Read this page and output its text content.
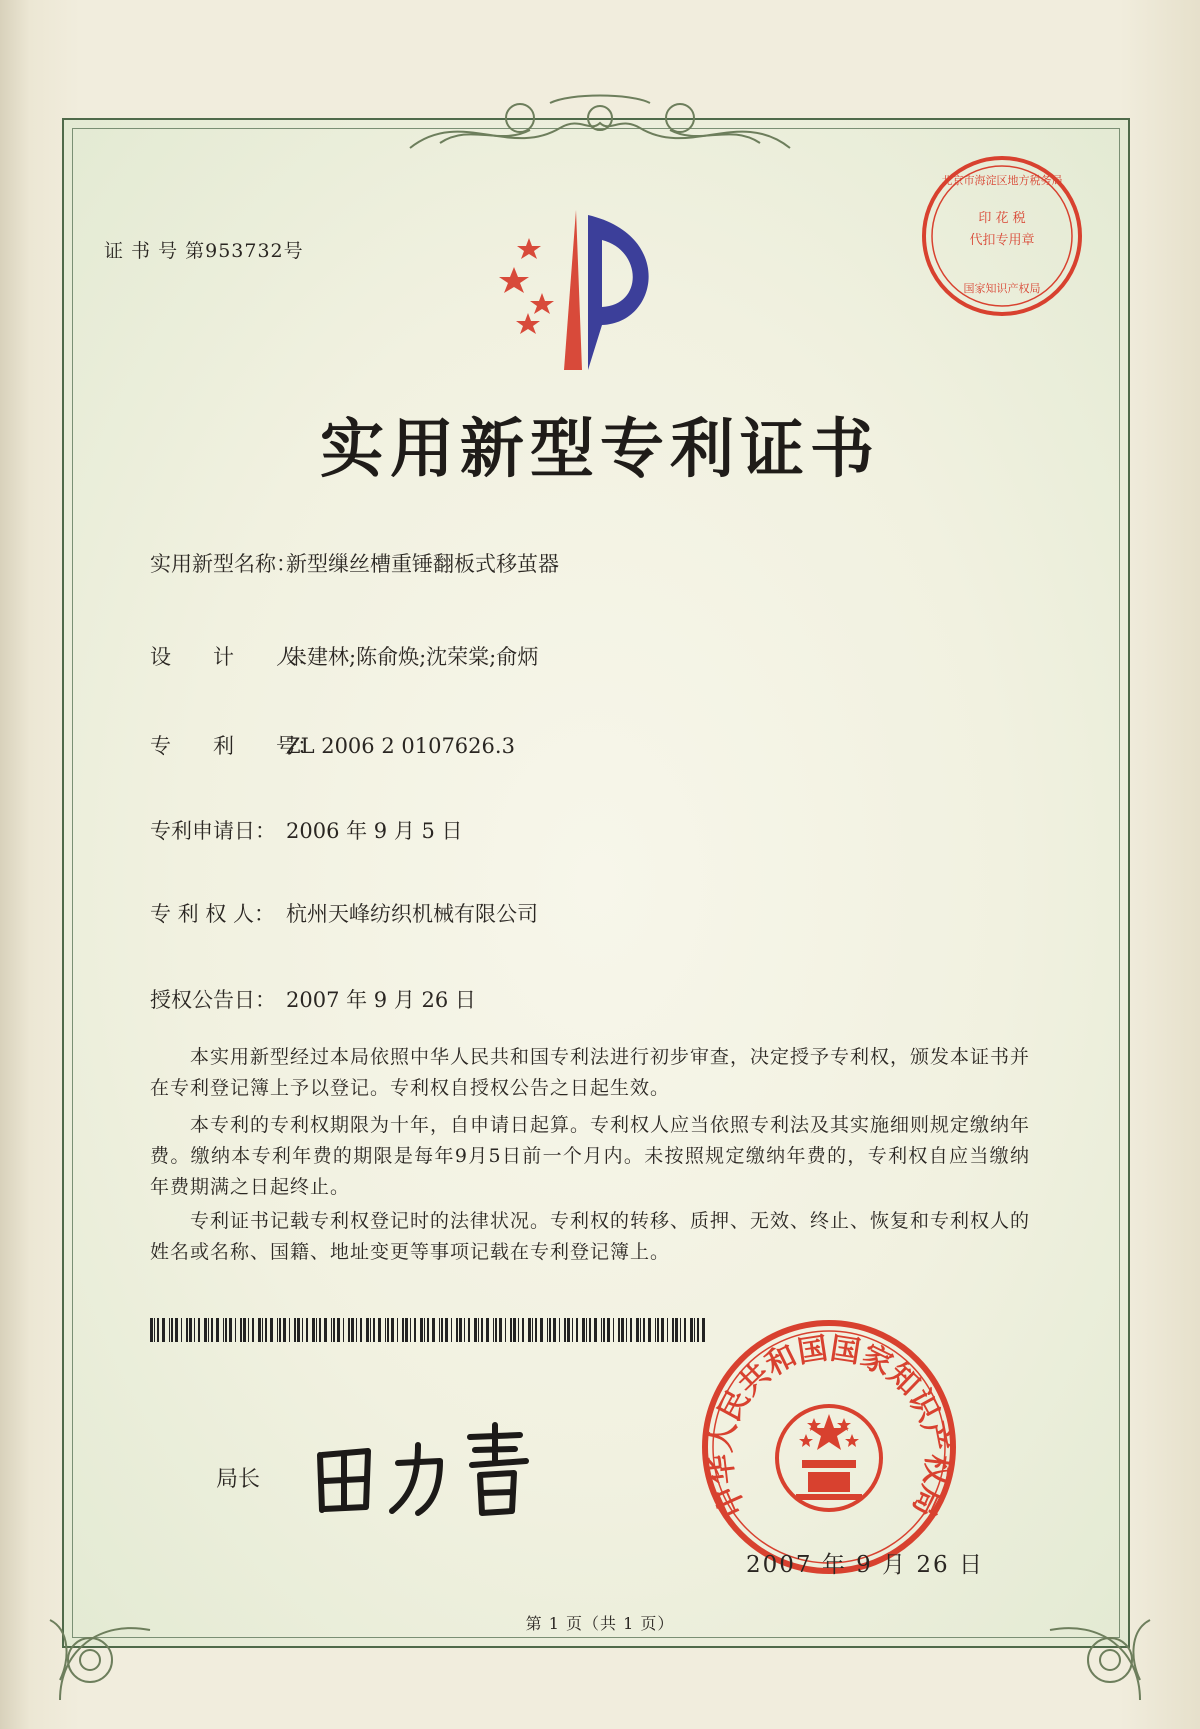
证 书 号 第953732号
印 花 税
代扣专用章
北京市海淀区地方税务局
国家知识产权局
实用新型专利证书
实用新型名称：新型缫丝槽重锤翻板式移茧器
设　　计　　人：朱建林;陈俞焕;沈荣棠;俞炳
专　　利　　号：ZL 2006 2 0107626.3
专利申请日： 2006 年 9 月 5 日
专 利 权 人： 杭州天峰纺织机械有限公司
授权公告日： 2007 年 9 月 26 日
　　本实用新型经过本局依照中华人民共和国专利法进行初步审查，决定授予专利权，颁发本证书并在专利登记簿上予以登记。专利权自授权公告之日起生效。
　　本专利的专利权期限为十年，自申请日起算。专利权人应当依照专利法及其实施细则规定缴纳年费。缴纳本专利年费的期限是每年9月5日前一个月内。未按照规定缴纳年费的，专利权自应当缴纳年费期满之日起终止。
　　专利证书记载专利权登记时的法律状况。专利权的转移、质押、无效、终止、恢复和专利权人的姓名或名称、国籍、地址变更等事项记载在专利登记簿上。
局长
中华人民共和国国家知识产权局
2007 年 9 月 26 日
第 1 页（共 1 页）
